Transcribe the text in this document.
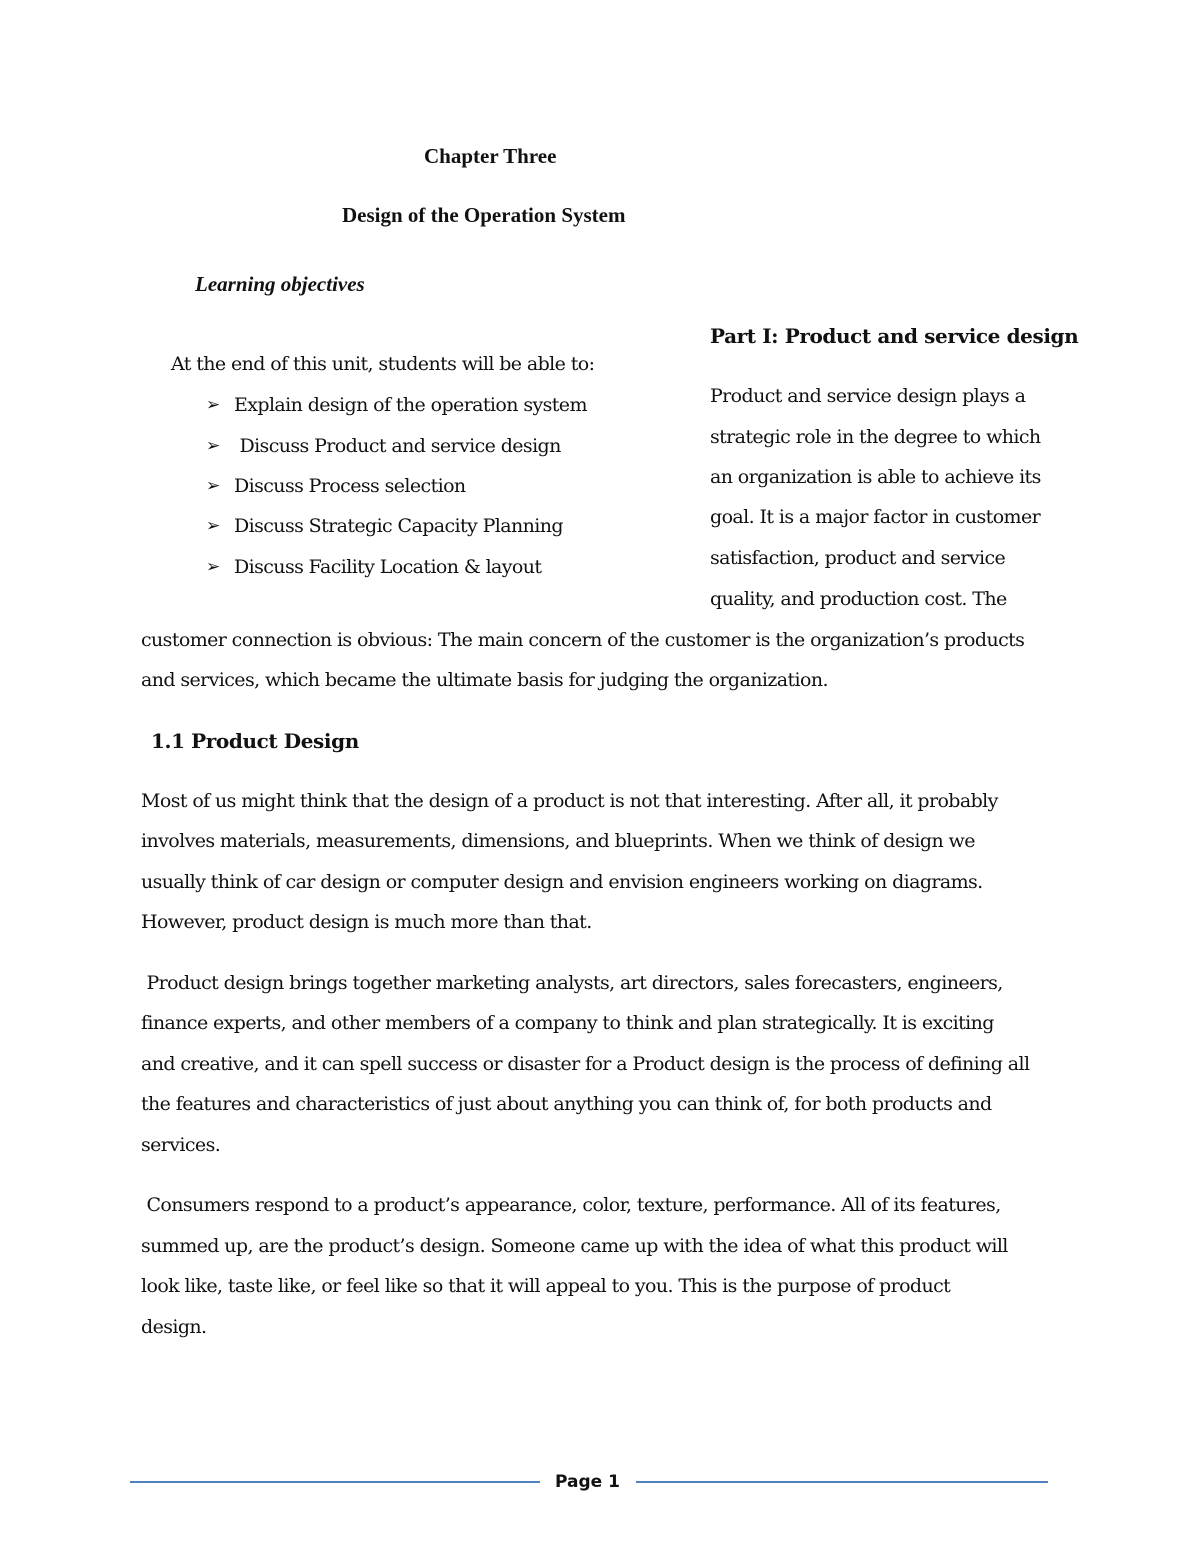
Chapter Three
Design of the Operation System
Learning objectives
At the end of this unit, students will be able to:
➢ Explain design of the operation system
➢ Discuss Product and service design
➢ Discuss Process selection
➢ Discuss Strategic Capacity Planning
➢ Discuss Facility Location & layout
Part I: Product and service design
Product and service design plays a
strategic role in the degree to which
an organization is able to achieve its
goal. It is a major factor in customer
satisfaction, product and service
quality, and production cost. The
customer connection is obvious: The main concern of the customer is the organization’s products
and services, which became the ultimate basis for judging the organization.
1.1 Product Design
Most of us might think that the design of a product is not that interesting. After all, it probably
involves materials, measurements, dimensions, and blueprints. When we think of design we
usually think of car design or computer design and envision engineers working on diagrams.
However, product design is much more than that.
Product design brings together marketing analysts, art directors, sales forecasters, engineers,
finance experts, and other members of a company to think and plan strategically. It is exciting
and creative, and it can spell success or disaster for a Product design is the process of defining all
the features and characteristics of just about anything you can think of, for both products and
services.
Consumers respond to a product’s appearance, color, texture, performance. All of its features,
summed up, are the product’s design. Someone came up with the idea of what this product will
look like, taste like, or feel like so that it will appeal to you. This is the purpose of product
design.
Page 1
